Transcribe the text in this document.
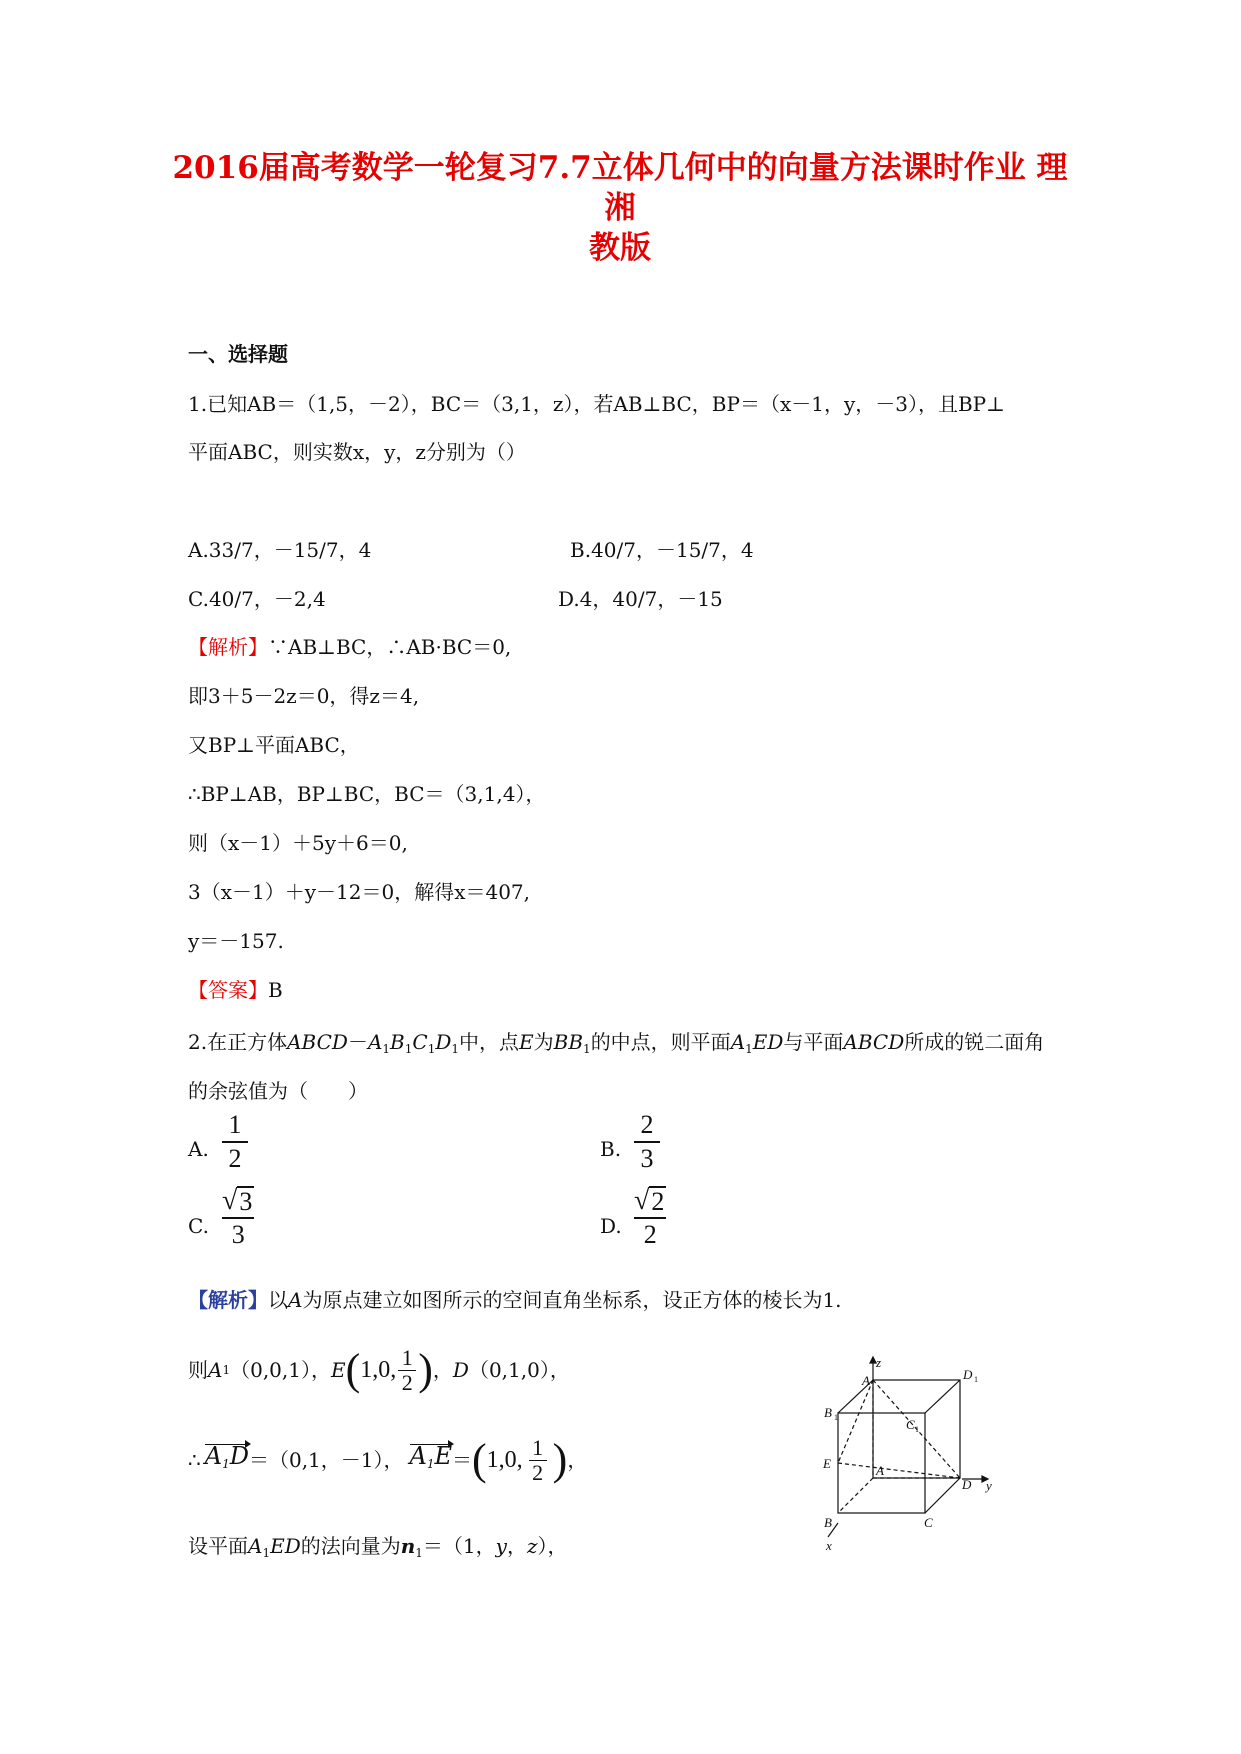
2016届高考数学一轮复习7.7立体几何中的向量方法课时作业 理湘
教版

一、选择题

1.已知AB＝（1,5，－2），BC＝（3,1，z），若AB⊥BC，BP＝（x－1，y，－3），且BP⊥

平面ABC，则实数x，y，z分别为（）

A.33/7，－15/7，4	B.40/7，－15/7，4
C.40/7，－2,4	D.4，40/7，－15

【解析】∵AB⊥BC，∴AB·BC＝0,

即3＋5－2z＝0，得z＝4,

又BP⊥平面ABC，

∴BP⊥AB，BP⊥BC，BC＝（3,1,4），

则（x－1）＋5y＋6＝0,

3（x－1）＋y－12＝0，解得x＝407,

y＝－157.

【答案】B

2.在正方体$ABCD-A_1B_1C_1D_1$中，点E为$BB_1$的中点，则平面$A_1ED$与平面ABCD所成的锐二面角

的余弦值为（　　）

A.
1
2	B.
2
3
C.
√ 3
3	D.
√ 2
2

【解析】以A为原点建立如图所示的空间直角坐标系，设正方体的棱长为1.

则 A 1 （0,0,1）， E ( 1,0, 1
2 ) ， D （0,1,0），
∴ $A_1D =(0,1$，－1）， $A_1E$ ＝ ( 1,0, 1
2 ) ，

设平面$A_1ED$的法向量为$n_1=(1$，y，z），

z
y
x
A	D 1
B 1	C 1
E	A
D
B	C
